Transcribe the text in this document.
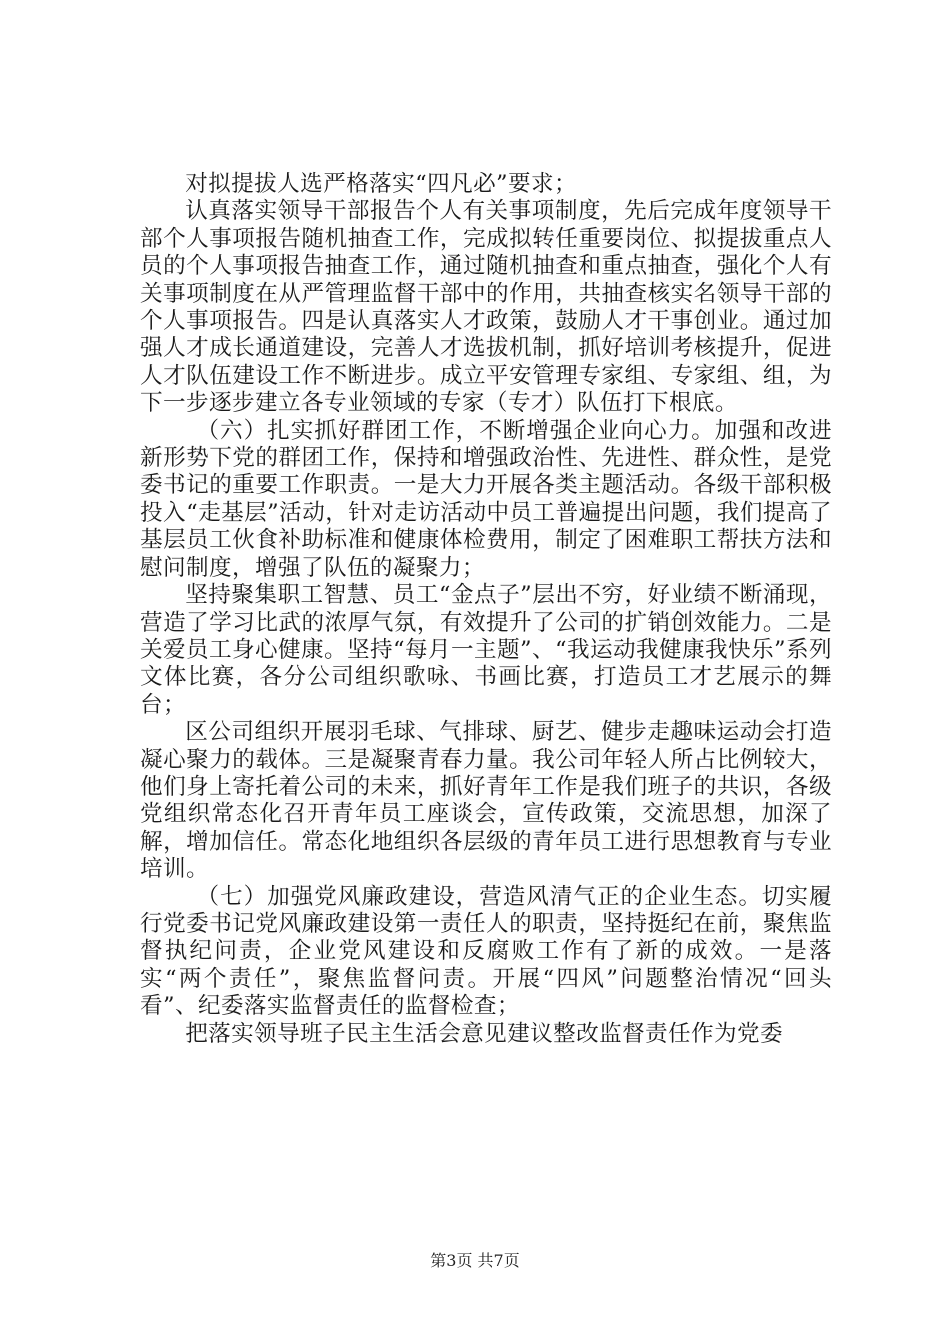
对拟提拔人选严格落实“四凡必”要求；

认真落实领导干部报告个人有关事项制度，先后完成年度领导干部个人事项报告随机抽查工作，完成拟转任重要岗位、拟提拔重点人员的个人事项报告抽查工作，通过随机抽查和重点抽查，强化个人有关事项制度在从严管理监督干部中的作用，共抽查核实名领导干部的个人事项报告。四是认真落实人才政策，鼓励人才干事创业。通过加强人才成长通道建设，完善人才选拔机制，抓好培训考核提升，促进人才队伍建设工作不断进步。成立平安管理专家组、专家组、组，为下一步逐步建立各专业领域的专家（专才）队伍打下根底。

（六）扎实抓好群团工作，不断增强企业向心力。加强和改进新形势下党的群团工作，保持和增强政治性、先进性、群众性，是党委书记的重要工作职责。一是大力开展各类主题活动。各级干部积极投入“走基层”活动，针对走访活动中员工普遍提出问题，我们提高了基层员工伙食补助标准和健康体检费用，制定了困难职工帮扶方法和慰问制度，增强了队伍的凝聚力；

坚持聚集职工智慧、员工“金点子”层出不穷，好业绩不断涌现，营造了学习比武的浓厚气氛，有效提升了公司的扩销创效能力。二是关爱员工身心健康。坚持“每月一主题”、“我运动我健康我快乐”系列文体比赛，各分公司组织歌咏、书画比赛，打造员工才艺展示的舞台；

区公司组织开展羽毛球、气排球、厨艺、健步走趣味运动会打造凝心聚力的载体。三是凝聚青春力量。我公司年轻人所占比例较大，他们身上寄托着公司的未来，抓好青年工作是我们班子的共识，各级党组织常态化召开青年员工座谈会，宣传政策，交流思想，加深了解，增加信任。常态化地组织各层级的青年员工进行思想教育与专业培训。

（七）加强党风廉政建设，营造风清气正的企业生态。切实履行党委书记党风廉政建设第一责任人的职责，坚持挺纪在前，聚焦监督执纪问责，企业党风建设和反腐败工作有了新的成效。一是落实“两个责任”，聚焦监督问责。开展“四风”问题整治情况“回头看”、纪委落实监督责任的监督检查；

把落实领导班子民主生活会意见建议整改监督责任作为党委

第3页 共7页
